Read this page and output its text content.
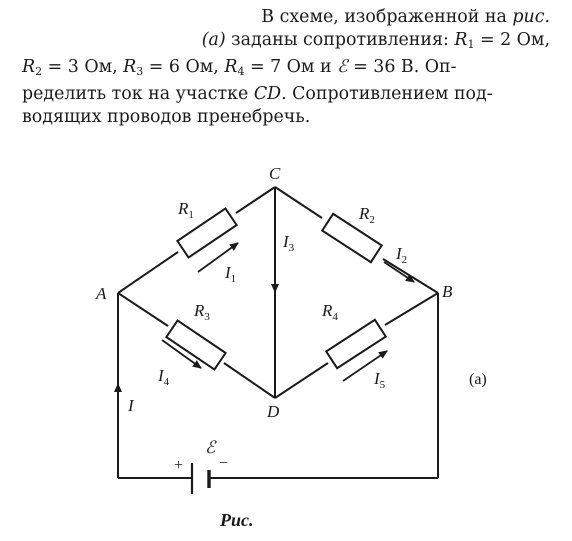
В схеме, изображенной на рис.
(а) заданы сопротивления: $R_1 = 2$ Ом,
$R_2 = 3$ Ом, $R_3 = 6$ Ом, $R_4 = 7$ Ом и ℰ = 36 В. Оп-
ределить ток на участке CD. Сопротивлением под-
водящих проводов пренебречь.
C
A	B
D
$R_1$	$R_2$
$R_3$	$R_4$
$I_1$
$I_2$
$I_3$
$I_4$	$I_5$
I
ℰ
+ −
(a)
Рис.
